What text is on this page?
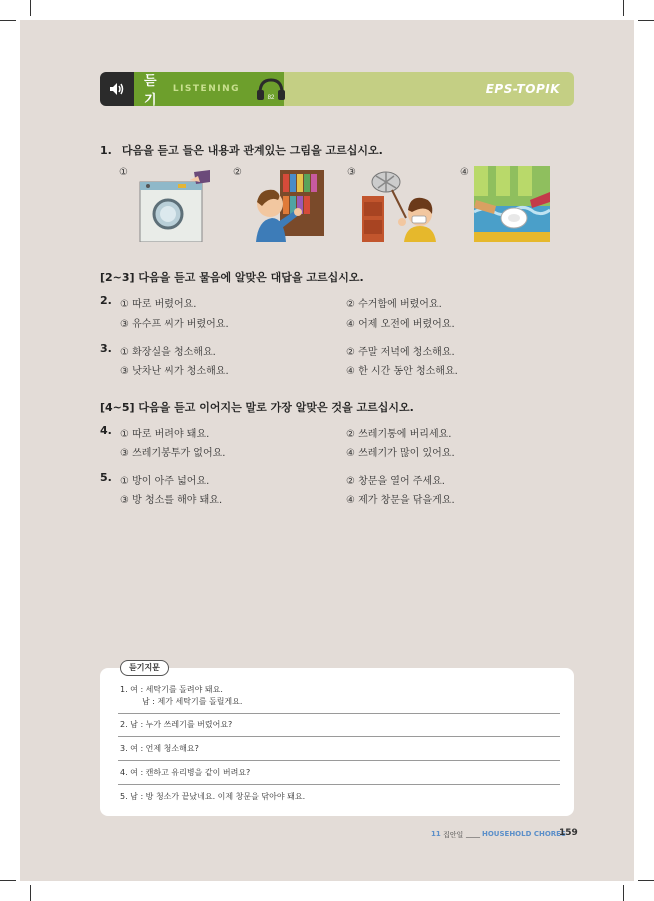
듣기
LISTENING
82
EPS-TOPIK
1. 다음을 듣고 들은 내용과 관계있는 그림을 고르십시오.
①	②	③	④
[2~3] 다음을 듣고 물음에 알맞은 대답을 고르십시오.
2. ① 따로 버렸어요.	② 수거함에 버렸어요.
③ 유수프 씨가 버렸어요.	④ 어제 오전에 버렸어요.
3. ① 화장실을 청소해요.	② 주말 저녁에 청소해요.
③ 낫차난 씨가 청소해요.	④ 한 시간 동안 청소해요.
[4~5] 다음을 듣고 이어지는 말로 가장 알맞은 것을 고르십시오.
4. ① 따로 버려야 돼요.	② 쓰레기통에 버리세요.
③ 쓰레기봉투가 없어요.	④ 쓰레기가 많이 있어요.
5. ① 방이 아주 넓어요.	② 창문을 열어 주세요.
③ 방 청소를 해야 돼요.	④ 제가 창문을 닦을게요.
듣기지문
1. 여 : 세탁기를 돌려야 돼요.
남 : 제가 세탁기를 돌릴게요.
2. 남 : 누가 쓰레기를 버렸어요?
3. 여 : 언제 청소해요?
4. 여 : 캔하고 유리병을 같이 버려요?
5. 남 : 방 청소가 끝났네요. 이제 창문을 닦아야 돼요.
11 집안일 ____ HOUSEHOLD CHORES
159
